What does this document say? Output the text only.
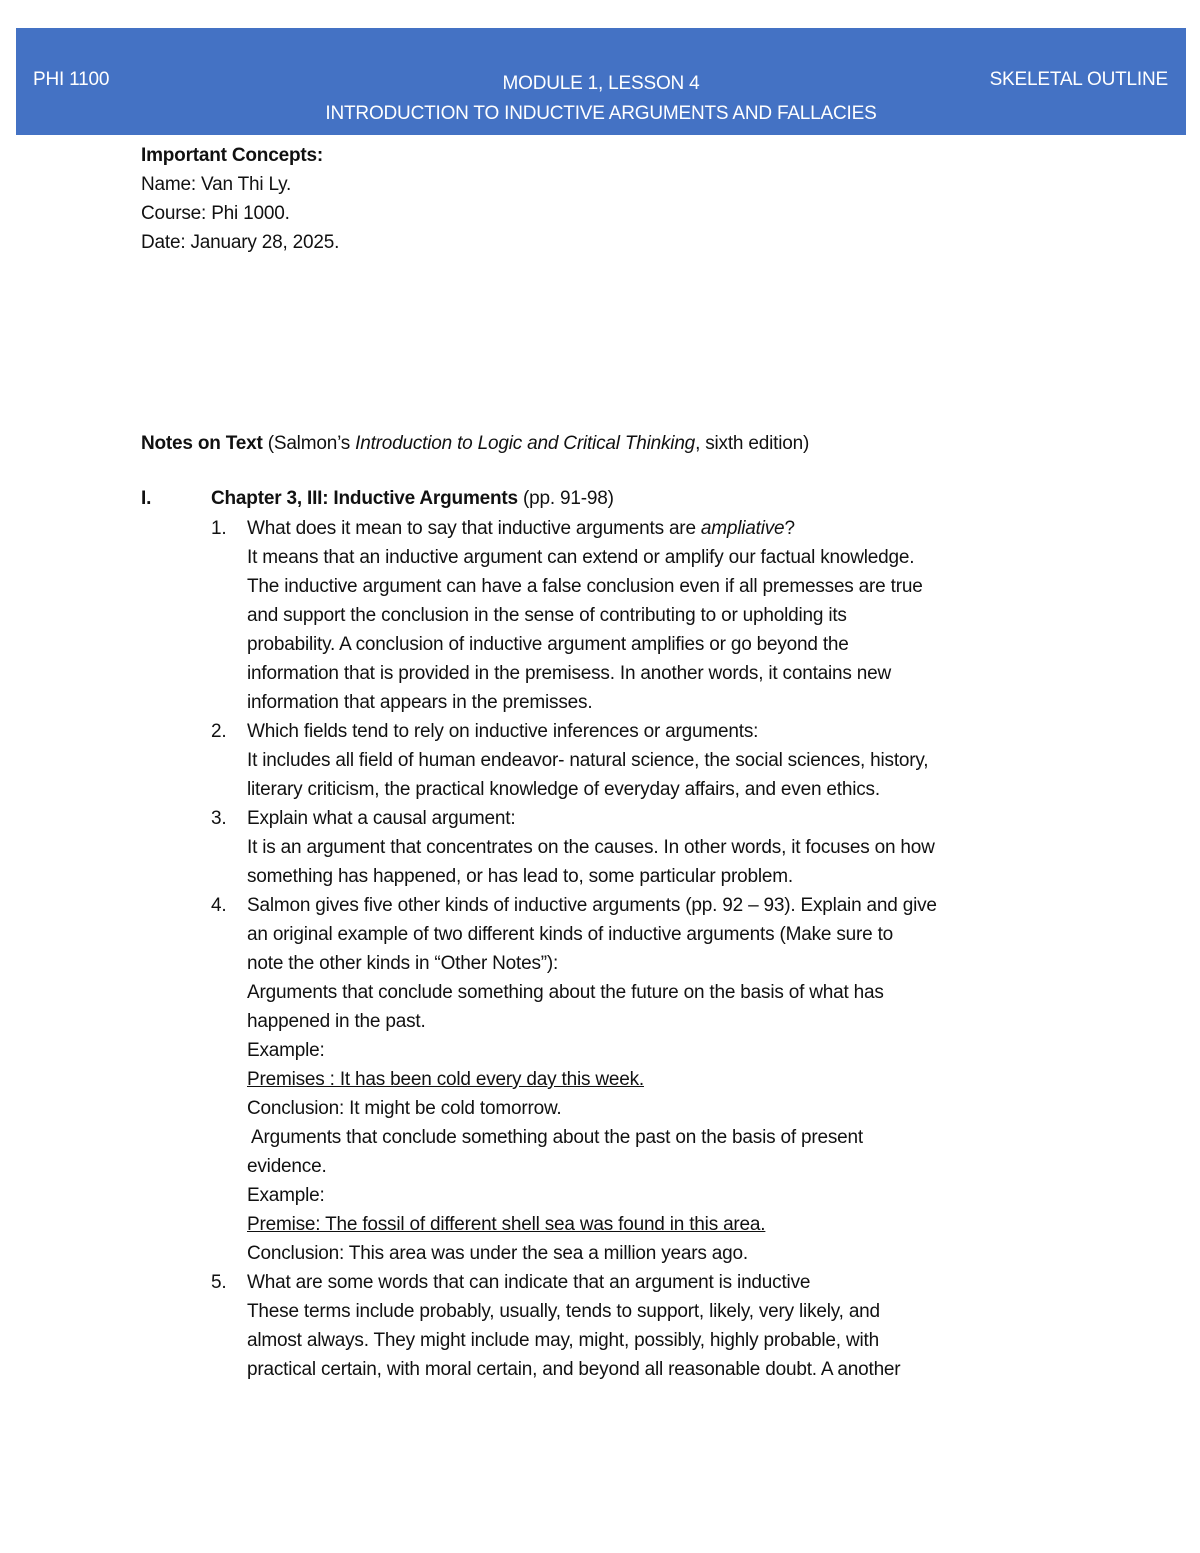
PHI 1100	MODULE 1, LESSON 4
INTRODUCTION TO INDUCTIVE ARGUMENTS AND FALLACIES
SKELETAL OUTLINE
Important Concepts:
Name: Van Thi Ly.
Course: Phi 1000.
Date: January 28, 2025.
Notes on Text (Salmon’s Introduction to Logic and Critical Thinking, sixth edition)
I.	Chapter 3, III: Inductive Arguments (pp. 91-98)
1. What does it mean to say that inductive arguments are ampliative?
It means that an inductive argument can extend or amplify our factual knowledge.
The inductive argument can have a false conclusion even if all premesses are true
and support the conclusion in the sense of contributing to or upholding its
probability. A conclusion of inductive argument amplifies or go beyond the
information that is provided in the premisess. In another words, it contains new
information that appears in the premisses.
2. Which fields tend to rely on inductive inferences or arguments:
It includes all field of human endeavor- natural science, the social sciences, history,
literary criticism, the practical knowledge of everyday affairs, and even ethics.
3. Explain what a causal argument:
It is an argument that concentrates on the causes. In other words, it focuses on how
something has happened, or has lead to, some particular problem.
4. Salmon gives five other kinds of inductive arguments (pp. 92 – 93). Explain and give
an original example of two different kinds of inductive arguments (Make sure to
note the other kinds in “Other Notes”):
Arguments that conclude something about the future on the basis of what has
happened in the past.
Example:
Premises : It has been cold every day this week.
Conclusion: It might be cold tomorrow.
Arguments that conclude something about the past on the basis of present
evidence.
Example:
Premise: The fossil of different shell sea was found in this area.
Conclusion: This area was under the sea a million years ago.
5. What are some words that can indicate that an argument is inductive
These terms include probably, usually, tends to support, likely, very likely, and
almost always. They might include may, might, possibly, highly probable, with
practical certain, with moral certain, and beyond all reasonable doubt. A another
